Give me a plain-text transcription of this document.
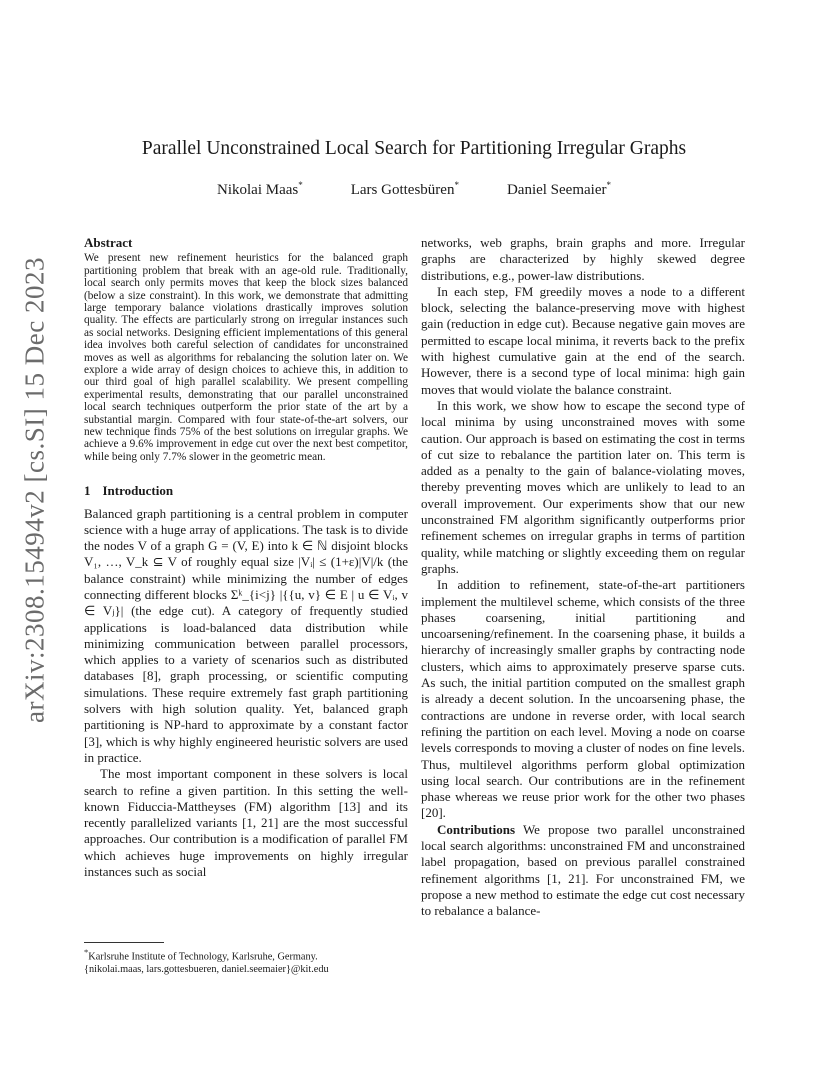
arXiv:2308.15494v2 [cs.SI] 15 Dec 2023
Parallel Unconstrained Local Search for Partitioning Irregular Graphs
Nikolai Maas*	Lars Gottesbüren*	Daniel Seemaier*
Abstract

We present new refinement heuristics for the balanced graph partitioning problem that break with an age-old rule. Traditionally, local search only permits moves that keep the block sizes balanced (below a size constraint). In this work, we demonstrate that admitting large temporary balance violations drastically improves solution quality. The effects are particularly strong on irregular instances such as social networks. Designing efficient implementations of this general idea involves both careful selection of candidates for unconstrained moves as well as algorithms for rebalancing the solution later on. We explore a wide array of design choices to achieve this, in addition to our third goal of high parallel scalability. We present compelling experimental results, demonstrating that our parallel unconstrained local search techniques outperform the prior state of the art by a substantial margin. Compared with four state-of-the-art solvers, our new technique finds 75% of the best solutions on irregular graphs. We achieve a 9.6% improvement in edge cut over the next best competitor, while being only 7.7% slower in the geometric mean.

1 Introduction

Balanced graph partitioning is a central problem in computer science with a huge array of applications. The task is to divide the nodes V of a graph G = (V, E) into k ∈ ℕ disjoint blocks V₁, …, V_k ⊆ V of roughly equal size |Vᵢ| ≤ (1+ε)|V|/k (the balance constraint) while minimizing the number of edges connecting different blocks Σᵏ_{i<j} |{{u, v} ∈ E | u ∈ Vᵢ, v ∈ Vⱼ}| (the edge cut). A category of frequently studied applications is load-balanced data distribution while minimizing communication between parallel processors, which applies to a variety of scenarios such as distributed databases [8], graph processing, or scientific computing simulations. These require extremely fast graph partitioning solvers with high solution quality. Yet, balanced graph partitioning is NP-hard to approximate by a constant factor [3], which is why highly engineered heuristic solvers are used in practice.

The most important component in these solvers is local search to refine a given partition. In this setting the well-known Fiduccia-Mattheyses (FM) algorithm [13] and its recently parallelized variants [1, 21] are the most successful approaches. Our contribution is a modification of parallel FM which achieves huge improvements on highly irregular instances such as social

networks, web graphs, brain graphs and more. Irregular graphs are characterized by highly skewed degree distributions, e.g., power-law distributions.

In each step, FM greedily moves a node to a different block, selecting the balance-preserving move with highest gain (reduction in edge cut). Because negative gain moves are permitted to escape local minima, it reverts back to the prefix with highest cumulative gain at the end of the search. However, there is a second type of local minima: high gain moves that would violate the balance constraint.

In this work, we show how to escape the second type of local minima by using unconstrained moves with some caution. Our approach is based on estimating the cost in terms of cut size to rebalance the partition later on. This term is added as a penalty to the gain of balance-violating moves, thereby preventing moves which are unlikely to lead to an overall improvement. Our experiments show that our new unconstrained FM algorithm significantly outperforms prior refinement schemes on irregular graphs in terms of partition quality, while matching or slightly exceeding them on regular graphs.

In addition to refinement, state-of-the-art partitioners implement the multilevel scheme, which consists of the three phases coarsening, initial partitioning and uncoarsening/refinement. In the coarsening phase, it builds a hierarchy of increasingly smaller graphs by contracting node clusters, which aims to approximately preserve sparse cuts. As such, the initial partition computed on the smallest graph is already a decent solution. In the uncoarsening phase, the contractions are undone in reverse order, with local search refining the partition on each level. Moving a node on coarse levels corresponds to moving a cluster of nodes on fine levels. Thus, multilevel algorithms perform global optimization using local search. Our contributions are in the refinement phase whereas we reuse prior work for the other two phases [20].

Contributions We propose two parallel unconstrained local search algorithms: unconstrained FM and unconstrained label propagation, based on previous parallel constrained refinement algorithms [1, 21]. For unconstrained FM, we propose a new method to estimate the edge cut cost necessary to rebalance a balance-

*Karlsruhe Institute of Technology, Karlsruhe, Germany.
{nikolai.maas, lars.gottesbueren, daniel.seemaier}@kit.edu
